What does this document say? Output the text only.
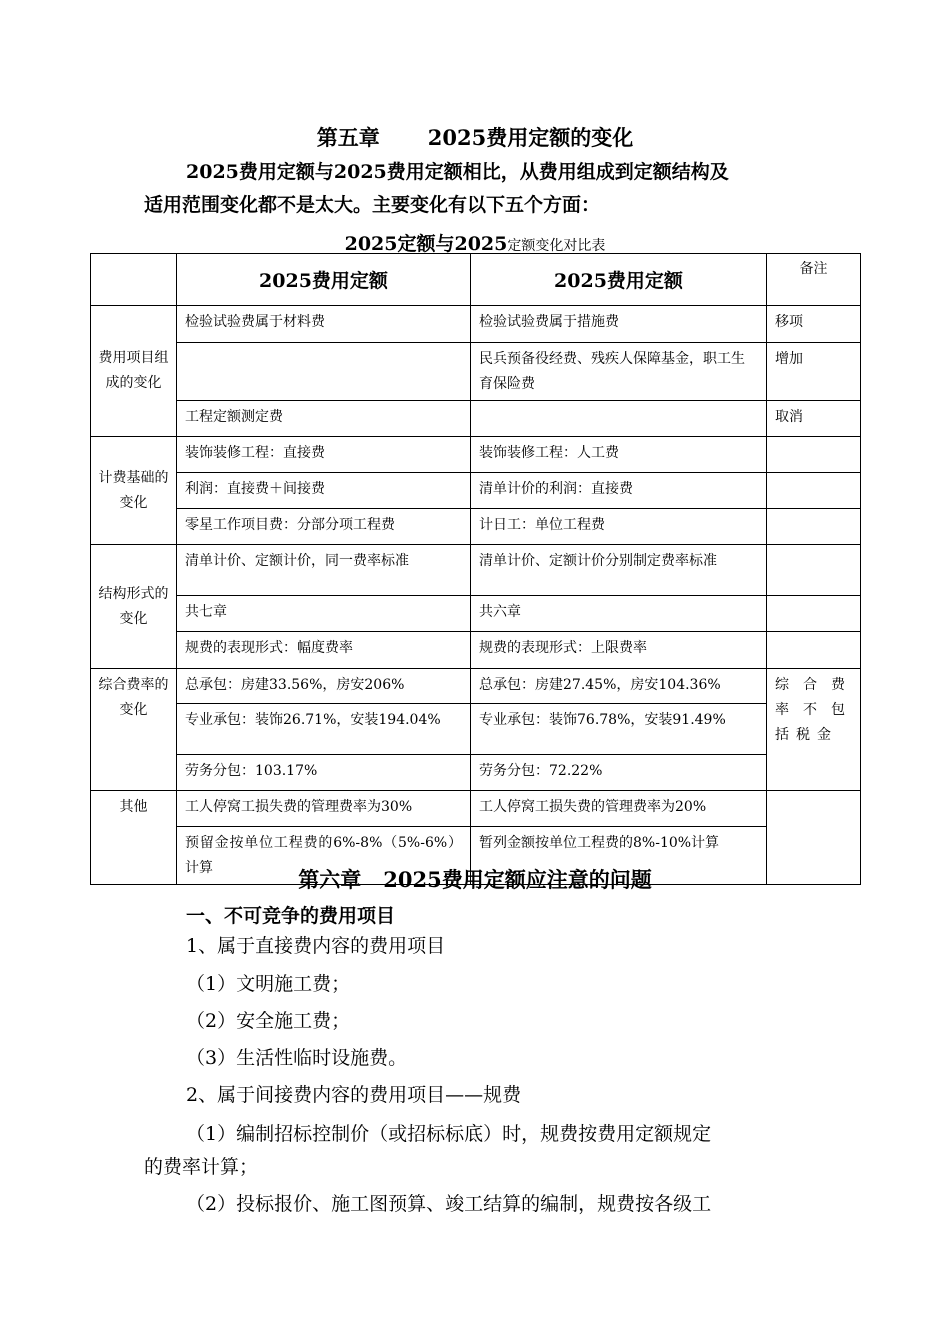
第五章 2025费用定额的变化
2025费用定额与2025费用定额相比，从费用组成到定额结构及
适用范围变化都不是太大。主要变化有以下五个方面：
2025定额与2025定额变化对比表
	2025费用定额	2025费用定额	备注
费用项目组成的变化	检验试验费属于材料费	检验试验费属于措施费	移项
		民兵预备役经费、残疾人保障基金，职工生育保险费	增加
	工程定额测定费		取消
计费基础的变化	装饰装修工程：直接费	装饰装修工程：人工费	
	利润：直接费＋间接费	清单计价的利润：直接费	
	零星工作项目费：分部分项工程费	计日工：单位工程费	
结构形式的变化	清单计价、定额计价，同一费率标准	清单计价、定额计价分别制定费率标准	
	共七章	共六章	
	规费的表现形式：幅度费率	规费的表现形式：上限费率	
综合费率的变化	总承包：房建33.56%，房安206%	总承包：房建27.45%，房安104.36%	综合费率不包括税金
	专业承包：装饰26.71%，安装194.04%	专业承包：装饰76.78%，安装91.49%	
	劳务分包：103.17%	劳务分包：72.22%	
其他	工人停窝工损失费的管理费率为30%	工人停窝工损失费的管理费率为20%	
	预留金按单位工程费的6%-8%（5%-6%）计算	暂列金额按单位工程费的8%-10%计算	
第六章 2025费用定额应注意的问题
一、不可竞争的费用项目
1、属于直接费内容的费用项目
（1）文明施工费；
（2）安全施工费；
（3）生活性临时设施费。
2、属于间接费内容的费用项目——规费
（1）编制招标控制价（或招标标底）时，规费按费用定额规定
的费率计算；
（2）投标报价、施工图预算、竣工结算的编制，规费按各级工
